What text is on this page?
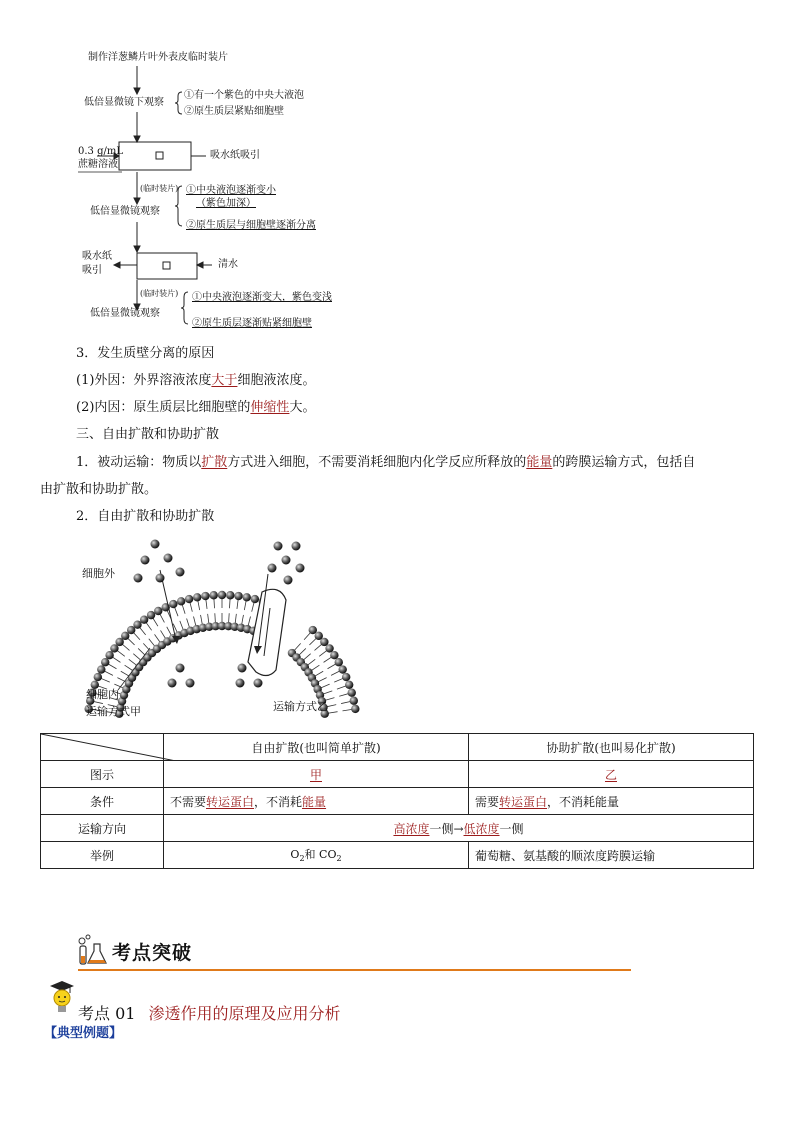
制作洋葱鳞片叶外表皮临时装片
低倍显微镜下观察
①有一个紫色的中央大液泡
②原生质层紧贴细胞壁
0.3 g/mL
蔗糖溶液
吸水纸吸引
(临时装片) ①中央液泡逐渐变小
（紫色加深）
低倍显微镜观察
②原生质层与细胞壁逐渐分离
吸水纸
吸引
清水
(临时装片) ①中央液泡逐渐变大，紫色变浅
低倍显微镜观察
②原生质层逐渐贴紧细胞壁
3．发生质壁分离的原因
(1)外因：外界溶液浓度大于细胞液浓度。
(2)内因：原生质层比细胞壁的伸缩性大。
三、自由扩散和协助扩散
1．被动运输：物质以扩散方式进入细胞，不需要消耗细胞内化学反应所释放的能量的跨膜运输方式，包括自
由扩散和协助扩散。
2．自由扩散和协助扩散
细胞外
细胞内
运输方式甲	运输方式乙
	自由扩散(也叫简单扩散)	协助扩散(也叫易化扩散)
图示	甲	乙
条件	不需要转运蛋白，不消耗能量	需要转运蛋白，不消耗能量
运输方向	高浓度一侧→低浓度一侧	
举例	$O_2$和 $CO_2$	葡萄糖、氨基酸的顺浓度跨膜运输
考点突破
考点 01 渗透作用的原理及应用分析
【典型例题】
